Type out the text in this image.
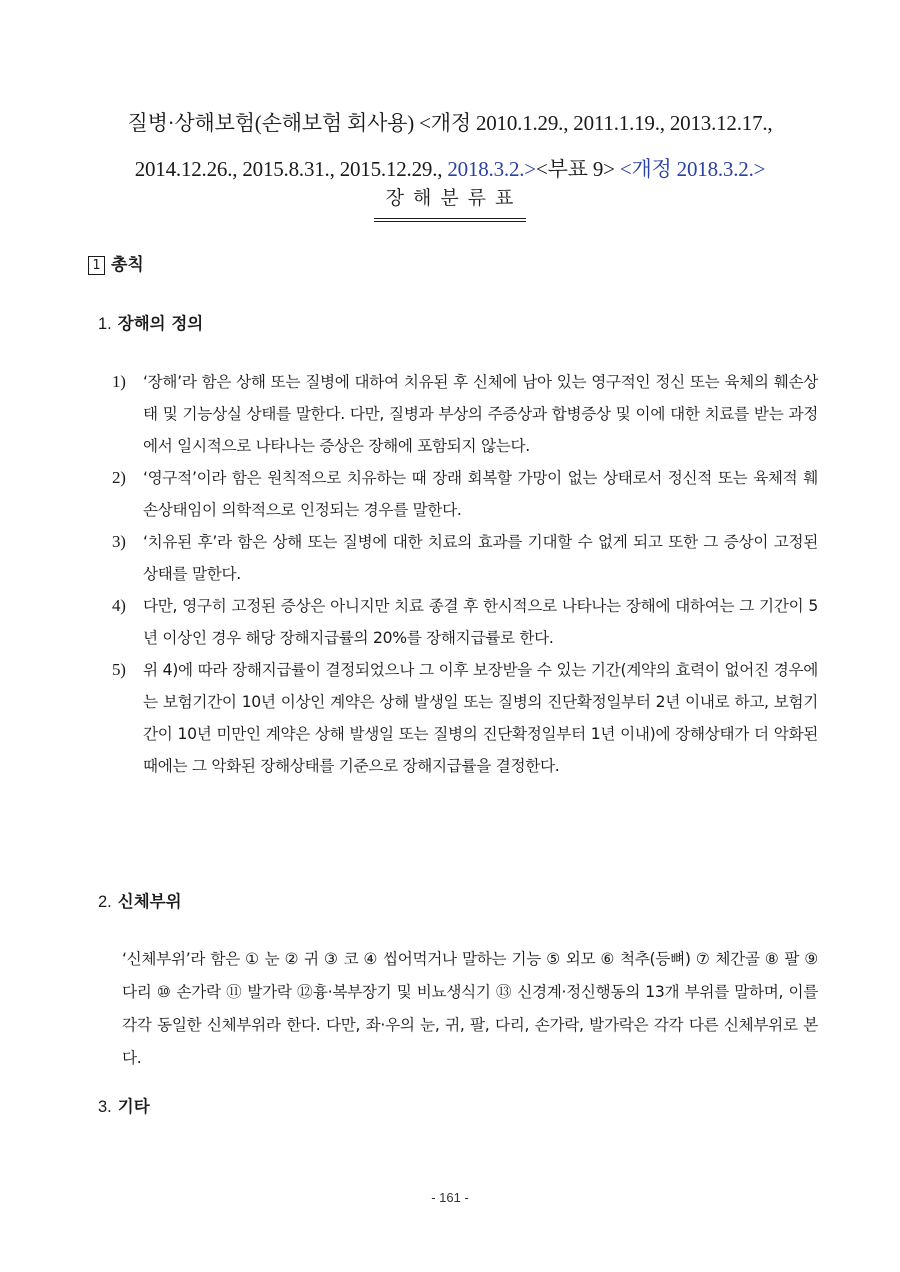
질병·상해보험(손해보험 회사용) <개정 2010.1.29., 2011.1.19., 2013.12.17.,
2014.12.26., 2015.8.31., 2015.12.29., 2018.3.2.><부표 9> <개정 2018.3.2.>
장해분류표
1 총칙
1. 장해의 정의
1) ‘장해’라 함은 상해 또는 질병에 대하여 치유된 후 신체에 남아 있는 영구적인 정신 또는 육체의 훼손상태 및 기능상실 상태를 말한다. 다만, 질병과 부상의 주증상과 합병증상 및 이에 대한 치료를 받는 과정에서 일시적으로 나타나는 증상은 장해에 포함되지 않는다.
2) ‘영구적’이라 함은 원칙적으로 치유하는 때 장래 회복할 가망이 없는 상태로서 정신적 또는 육체적 훼손상태임이 의학적으로 인정되는 경우를 말한다.
3) ‘치유된 후’라 함은 상해 또는 질병에 대한 치료의 효과를 기대할 수 없게 되고 또한 그 증상이 고정된 상태를 말한다.
4) 다만, 영구히 고정된 증상은 아니지만 치료 종결 후 한시적으로 나타나는 장해에 대하여는 그 기간이 5년 이상인 경우 해당 장해지급률의 20%를 장해지급률로 한다.
5) 위 4)에 따라 장해지급률이 결정되었으나 그 이후 보장받을 수 있는 기간(계약의 효력이 없어진 경우에는 보험기간이 10년 이상인 계약은 상해 발생일 또는 질병의 진단확정일부터 2년 이내로 하고, 보험기간이 10년 미만인 계약은 상해 발생일 또는 질병의 진단확정일부터 1년 이내)에 장해상태가 더 악화된 때에는 그 악화된 장해상태를 기준으로 장해지급률을 결정한다.
2. 신체부위
‘신체부위’라 함은 ① 눈 ② 귀 ③ 코 ④ 씹어먹거나 말하는 기능 ⑤ 외모 ⑥ 척추(등뼈) ⑦ 체간골 ⑧ 팔 ⑨ 다리 ⑩ 손가락 ⑪ 발가락 ⑫흉·복부장기 및 비뇨생식기 ⑬ 신경계·정신행동의 13개 부위를 말하며, 이를 각각 동일한 신체부위라 한다. 다만, 좌·우의 눈, 귀, 팔, 다리, 손가락, 발가락은 각각 다른 신체부위로 본다.
3. 기타
- 161 -
